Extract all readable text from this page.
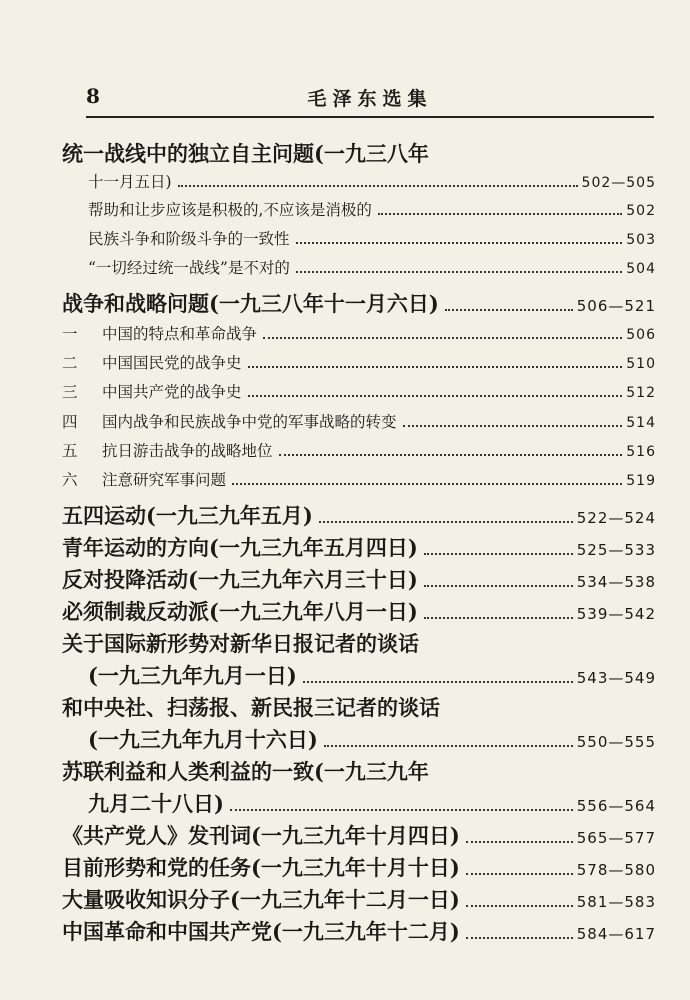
8	毛泽东选集
统一战线中的独立自主问题(一九三八年
十一月五日)	502—505
帮助和让步应该是积极的,不应该是消极的	502
民族斗争和阶级斗争的一致性	503
“一切经过统一战线”是不对的	504
战争和战略问题(一九三八年十一月六日)	506—521
一 中国的特点和革命战争	506
二 中国国民党的战争史	510
三 中国共产党的战争史	512
四 国内战争和民族战争中党的军事战略的转变	514
五 抗日游击战争的战略地位	516
六 注意研究军事问题	519
五四运动(一九三九年五月)	522—524
青年运动的方向(一九三九年五月四日)	525—533
反对投降活动(一九三九年六月三十日)	534—538
必须制裁反动派(一九三九年八月一日)	539—542
关于国际新形势对新华日报记者的谈话
(一九三九年九月一日)	543—549
和中央社、扫荡报、新民报三记者的谈话
(一九三九年九月十六日)	550—555
苏联利益和人类利益的一致(一九三九年
九月二十八日)	556—564
《共产党人》发刊词(一九三九年十月四日)	565—577
目前形势和党的任务(一九三九年十月十日)	578—580
大量吸收知识分子(一九三九年十二月一日)	581—583
中国革命和中国共产党(一九三九年十二月)	584—617
